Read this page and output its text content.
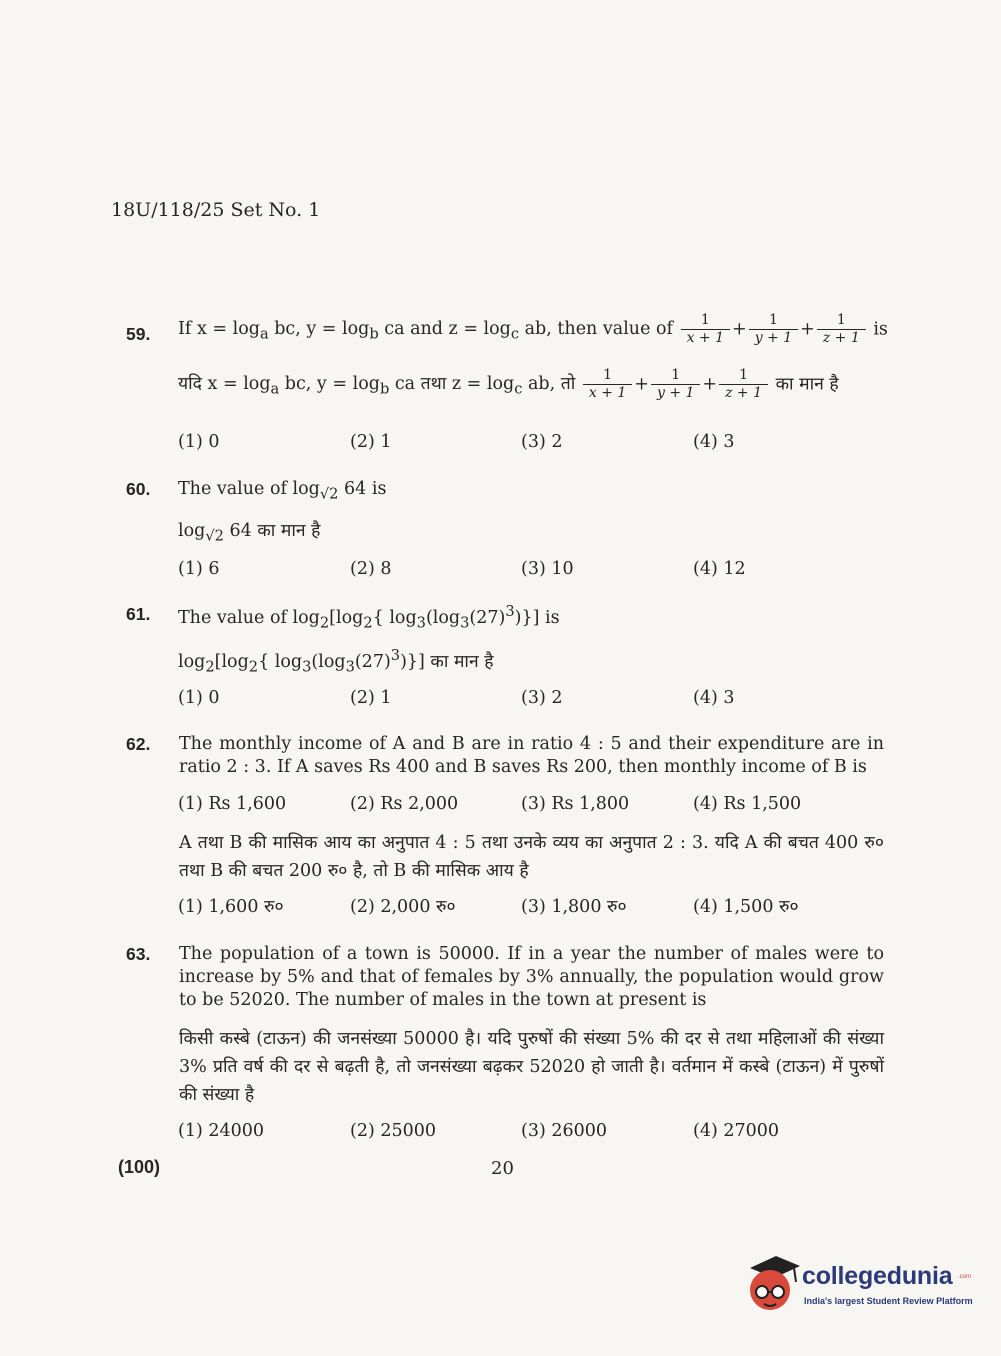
18U/118/25 Set No. 1
59. If $x = \log_a$ bc, $y = \log_b$ ca and $z = \log_c$ ab, then value of $\frac{1}{x + 1} + \frac{1}{y + 1} + \frac{1}{z + 1}$ is
यदि $x = \log_a$ bc, $y = \log_b$ ca तथा $z = \log_c$ ab, तो $\frac{1}{x + 1} + \frac{1}{y + 1} + \frac{1}{z + 1}$ का मान है
(1) 0	(2) 1	(3) 2	(4) 3
60. The value of $\log_{√2} 64$ is
$\log_{√2} 64$ का मान है
(1) 6	(2) 8	(3) 10	(4) 12
61. The value of $\log_2[\log_2${ $\log_3(\log_3(27)^3)$}] is
$\log_2[\log_2${ $\log_3(\log_3(27)^3)$}] का मान है
(1) 0	(2) 1	(3) 2	(4) 3
62. The monthly income of A and B are in ratio 4 : 5 and their expenditure are in ratio 2 : 3. If A saves Rs 400 and B saves Rs 200, then monthly income of B is
(1) Rs 1,600	(2) Rs 2,000	(3) Rs 1,800	(4) Rs 1,500
A तथा B की मासिक आय का अनुपात 4 : 5 तथा उनके व्यय का अनुपात 2 : 3. यदि A की बचत 400 रु० तथा B की बचत 200 रु० है, तो B की मासिक आय है
(1) 1,600 रु०	(2) 2,000 रु०	(3) 1,800 रु०	(4) 1,500 रु०
63. The population of a town is 50000. If in a year the number of males were to increase by 5% and that of females by 3% annually, the population would grow to be 52020. The number of males in the town at present is
किसी कस्बे (टाऊन) की जनसंख्या 50000 है। यदि पुरुषों की संख्या 5% की दर से तथा महिलाओं की संख्या 3% प्रति वर्ष की दर से बढ़ती है, तो जनसंख्या बढ़कर 52020 हो जाती है। वर्तमान में कस्बे (टाऊन) में पुरुषों की संख्या है
(1) 24000	(2) 25000	(3) 26000	(4) 27000
(100)	20
collegedunia .com
India's largest Student Review Platform
